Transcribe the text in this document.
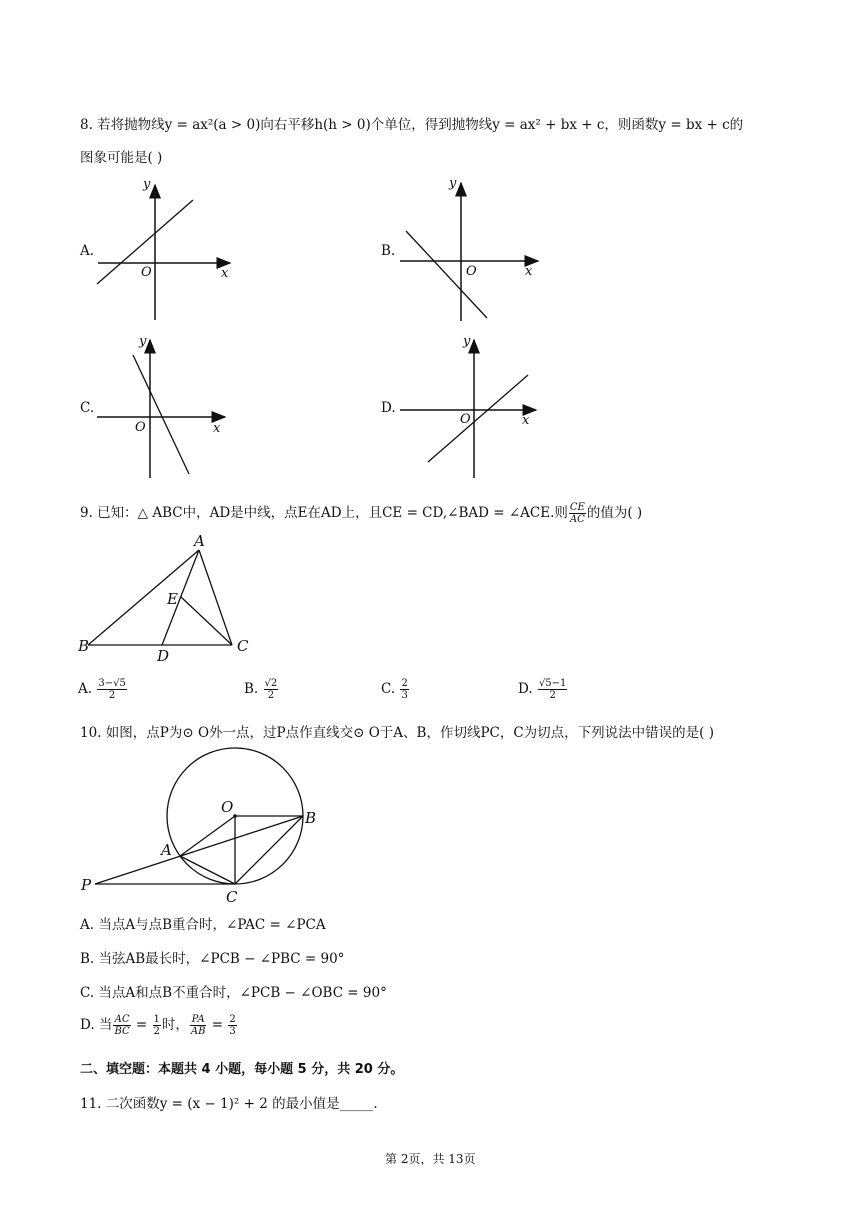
8. 若将抛物线y = ax²(a > 0)向右平移h(h > 0)个单位，得到抛物线y = ax² + bx + c，则函数y = bx + c的
图象可能是( )
A.
y
x
O
B.
y
x
O
C.
y
x
O
D.
y
x
O
9. 已知：△ ABC中，AD是中线，点E在AD上，且CE = CD,∠BAD = ∠ACE.则 $\frac{CE}{AC}$ 的值为( )
A
B	C
D
E
A. $\frac{3-√5}{2}$	B. $\frac{√2}{2}$	C. $\frac{2}{3}$	D. $\frac{√5-1}{2}$
10. 如图，点P为⊙ O外一点，过P点作直线交⊙ O于A、B，作切线PC，C为切点，下列说法中错误的是( )
O
A
B
P
C
A. 当点A与点B重合时，∠PAC = ∠PCA
B. 当弦AB最长时，∠PCB − ∠PBC = 90°
C. 当点A和点B不重合时，∠PCB − ∠OBC = 90°
D. 当 $\frac{AC}{BC} = \frac{1}{2}$ 时， $\frac{PA}{AB} = \frac{2}{3}$
二、填空题：本题共 4 小题，每小题 5 分，共 20 分。
11. 二次函数y = (x − 1)² + 2 的最小值是_____.
第 2页，共 13页
